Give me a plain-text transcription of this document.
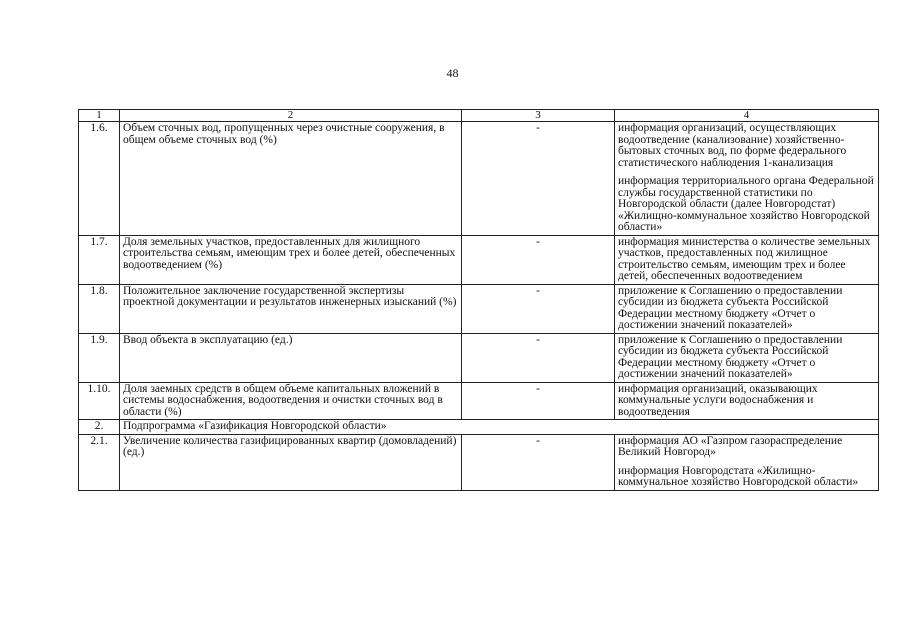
48
1	2	3	4
1.6.	Объем сточных вод, пропущенных через очистные сооружения, в общем объеме сточных вод (%)	-	информация организаций, осуществляющих водоотведение (канализование) хозяйственно-бытовых сточных вод, по форме федерального статистического наблюдения 1-канализация
информация территориального органа Федеральной службы государственной статистики по Новгородской области (далее Новгородстат) «Жилищно-коммунальное хозяйство Новгородской области»

1.7.	Доля земельных участков, предоставленных для жилищного строительства семьям, имеющим трех и более детей, обеспеченных водоотведением (%)	-	информация министерства о количестве земельных участков, предоставленных под жилищное строительство семьям, имеющим трех и более детей, обеспеченных водоотведением

1.8.	Положительное заключение государственной экспертизы проектной документации и результатов инженерных изысканий (%)	-	приложение к Соглашению о предоставлении субсидии из бюджета субъекта Российской Федерации местному бюджету «Отчет о достижении значений показателей»

1.9.	Ввод объекта в эксплуатацию (ед.)	-	приложение к Соглашению о предоставлении субсидии из бюджета субъекта Российской Федерации местному бюджету «Отчет о достижении значений показателей»

1.10.	Доля заемных средств в общем объеме капитальных вложений в системы водоснабжения, водоотведения и очистки сточных вод в области (%)	-	информация организаций, оказывающих коммунальные услуги водоснабжения и водоотведения

2.	Подпрограмма «Газификация Новгородской области»		
2.1.	Увеличение количества газифицированных квартир (домовладений) (ед.)	-	информация АО «Газпром газораспределение Великий Новгород»
информация Новгородстата «Жилищно-коммунальное хозяйство Новгородской области»
